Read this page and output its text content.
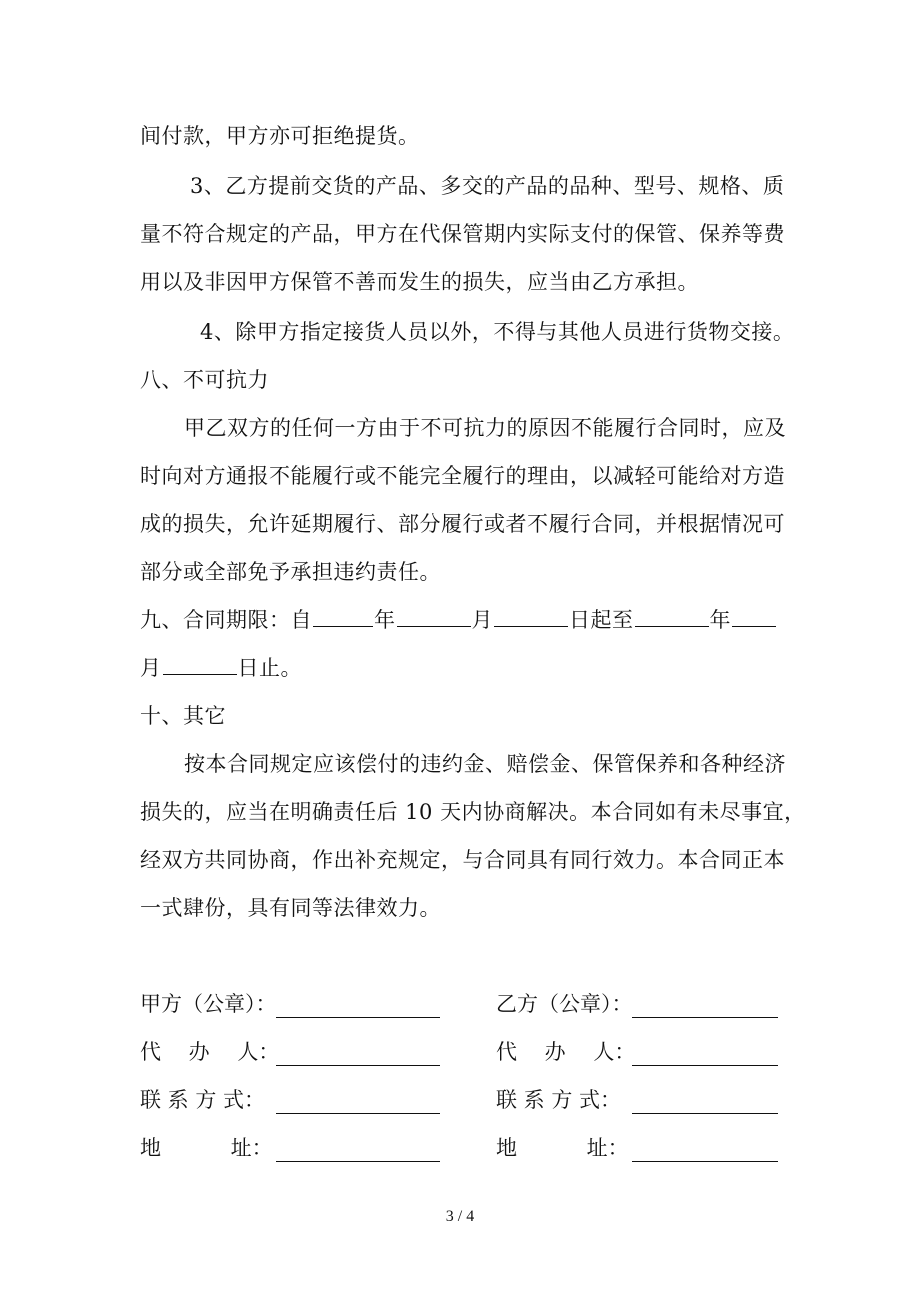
间付款，甲方亦可拒绝提货。
3、乙方提前交货的产品、多交的产品的品种、型号、规格、质
量不符合规定的产品，甲方在代保管期内实际支付的保管、保养等费
用以及非因甲方保管不善而发生的损失，应当由乙方承担。
4、除甲方指定接货人员以外，不得与其他人员进行货物交接。
八、不可抗力
甲乙双方的任何一方由于不可抗力的原因不能履行合同时，应及
时向对方通报不能履行或不能完全履行的理由，以减轻可能给对方造
成的损失，允许延期履行、部分履行或者不履行合同，并根据情况可
部分或全部免予承担违约责任。
九、合同期限：自	年	月	日起至	年
月	日止。
十、其它
按本合同规定应该偿付的违约金、赔偿金、保管保养和各种经济
损失的，应当在明确责任后 10 天内协商解决。本合同如有未尽事宜，
经双方共同协商，作出补充规定，与合同具有同行效力。本合同正本
一式肆份，具有同等法律效力。
甲方（公章）：	乙方（公章）：
代　 办　 人：	代　 办　 人：
联 系 方 式：	联 系 方 式：
地　　　 址：	地　　　 址：
3 / 4
